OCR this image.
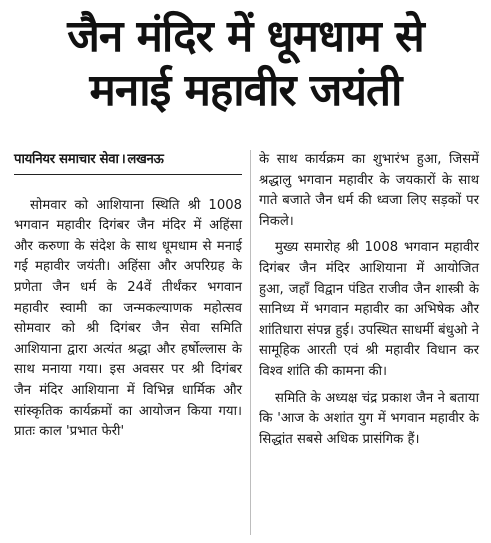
जैन मंदिर में धूमधाम से
मनाई महावीर जयंती
पायनियर समाचार सेवा । लखनऊ

सोमवार को आशियाना स्थिति श्री 1008 भगवान महावीर दिगंबर जैन मंदिर में अहिंसा और करुणा के संदेश के साथ धूमधाम से मनाई गई महावीर जयंती। अहिंसा और अपरिग्रह के प्रणेता जैन धर्म के 24वें तीर्थंकर भगवान महावीर स्वामी का जन्मकल्याणक महोत्सव सोमवार को श्री दिगंबर जैन सेवा समिति आशियाना द्वारा अत्यंत श्रद्धा और हर्षोल्लास के साथ मनाया गया। इस अवसर पर श्री दिगंबर जैन मंदिर आशियाना में विभिन्न धार्मिक और सांस्कृतिक कार्यक्रमों का आयोजन किया गया। प्रातः काल 'प्रभात फेरी'

के साथ कार्यक्रम का शुभारंभ हुआ, जिसमें श्रद्धालु भगवान महावीर के जयकारों के साथ गाते बजाते जैन धर्म की ध्वजा लिए सड़कों पर निकले।

मुख्य समारोह श्री 1008 भगवान महावीर दिगंबर जैन मंदिर आशियाना में आयोजित हुआ, जहाँ विद्वान पंडित राजीव जैन शास्त्री के सानिध्य में भगवान महावीर का अभिषेक और शांतिधारा संपन्न हुई। उपस्थित साधर्मी बंधुओ ने सामूहिक आरती एवं श्री महावीर विधान कर विश्व शांति की कामना की।

समिति के अध्यक्ष चंद्र प्रकाश जैन ने बताया कि 'आज के अशांत युग में भगवान महावीर के सिद्धांत सबसे अधिक प्रासंगिक हैं।
